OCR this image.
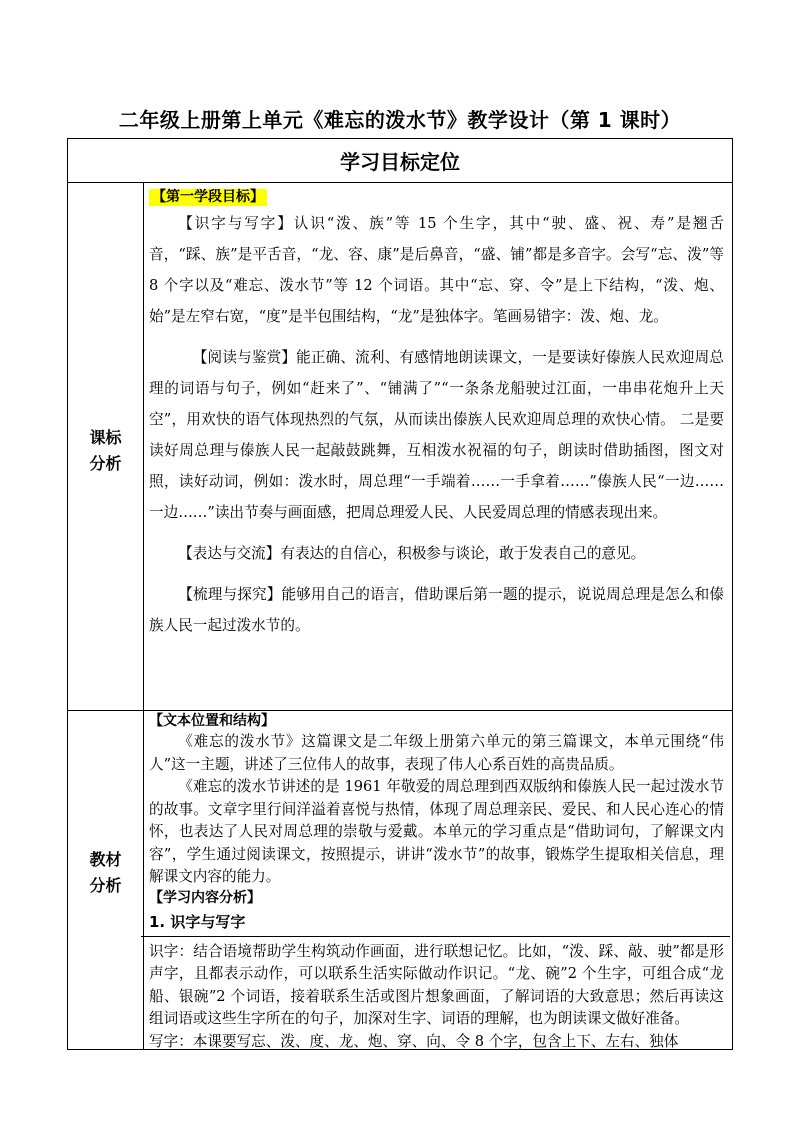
二年级上册第上单元《难忘的泼水节》教学设计（第 1 课时）
学习目标定位
课标
分析
【第一学段目标】

【识字与写字】认识“泼、族”等 15 个生字，其中“驶、盛、祝、寿”是翘舌音，“踩、族”是平舌音，“龙、容、康”是后鼻音，“盛、铺”都是多音字。会写“忘、泼”等 8 个字以及“难忘、泼水节”等 12 个词语。其中“忘、穿、令”是上下结构，“泼、炮、始”是左窄右宽，“度”是半包围结构，“龙”是独体字。笔画易错字：泼、炮、龙。

【阅读与鉴赏】能正确、流利、有感情地朗读课文，一是要读好傣族人民欢迎周总理的词语与句子，例如“赶来了”、“铺满了”“一条条龙船驶过江面，一串串花炮升上天空”，用欢快的语气体现热烈的气氛，从而读出傣族人民欢迎周总理的欢快心情。 二是要读好周总理与傣族人民一起敲鼓跳舞，互相泼水祝福的句子，朗读时借助插图，图文对照，读好动词，例如：泼水时，周总理“一手端着……一手拿着……”傣族人民“一边……一边……”读出节奏与画面感，把周总理爱人民、人民爱周总理的情感表现出来。

【表达与交流】有表达的自信心，积极参与谈论，敢于发表自己的意见。

【梳理与探究】能够用自己的语言，借助课后第一题的提示，说说周总理是怎么和傣族人民一起过泼水节的。

教材
分析
【文本位置和结构】

《难忘的泼水节》这篇课文是二年级上册第六单元的第三篇课文，本单元围绕“伟人”这一主题，讲述了三位伟人的故事，表现了伟人心系百姓的高贵品质。

《难忘的泼水节讲述的是 1961 年敬爱的周总理到西双版纳和傣族人民一起过泼水节的故事。文章字里行间洋溢着喜悦与热情，体现了周总理亲民、爱民、和人民心连心的情怀，也表达了人民对周总理的崇敬与爱戴。本单元的学习重点是“借助词句，了解课文内容”，学生通过阅读课文，按照提示，讲讲“泼水节”的故事，锻炼学生提取相关信息，理解课文内容的能力。

【学习内容分析】
1. 识字与写字

识字：结合语境帮助学生构筑动作画面，进行联想记忆。比如，“泼、踩、敲、驶”都是形声字，且都表示动作，可以联系生活实际做动作识记。“龙、碗”2 个生字，可组合成“龙船、银碗”2 个词语，接着联系生活或图片想象画面，了解词语的大致意思；然后再读这组词语或这些生字所在的句子，加深对生字、词语的理解，也为朗读课文做好准备。

写字：本课要写忘、泼、度、龙、炮、穿、向、令 8 个字，包含上下、左右、独体
